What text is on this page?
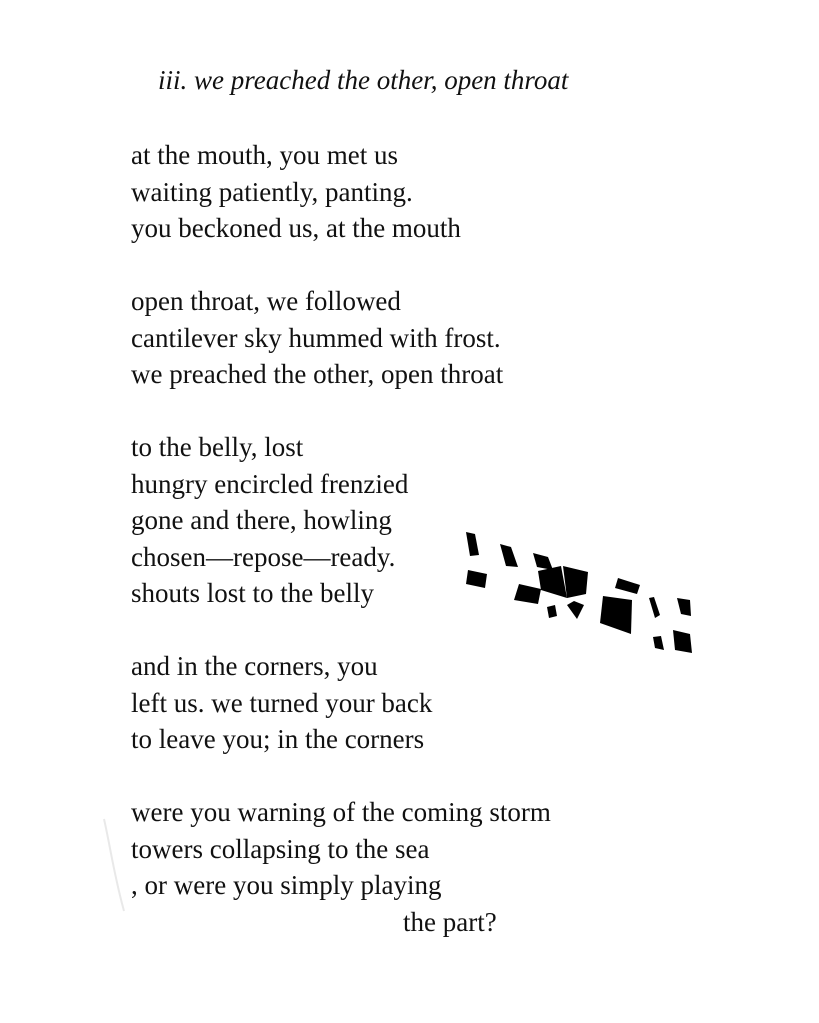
iii. we preached the other, open throat
at the mouth, you met us
waiting patiently, panting.
you beckoned us, at the mouth
open throat, we followed
cantilever sky hummed with frost.
we preached the other, open throat
to the belly, lost
hungry encircled frenzied
gone and there, howling
chosen—repose—ready.
shouts lost to the belly
and in the corners, you
left us. we turned your back
to leave you; in the corners
were you warning of the coming storm
towers collapsing to the sea
, or were you simply playing
the part?
